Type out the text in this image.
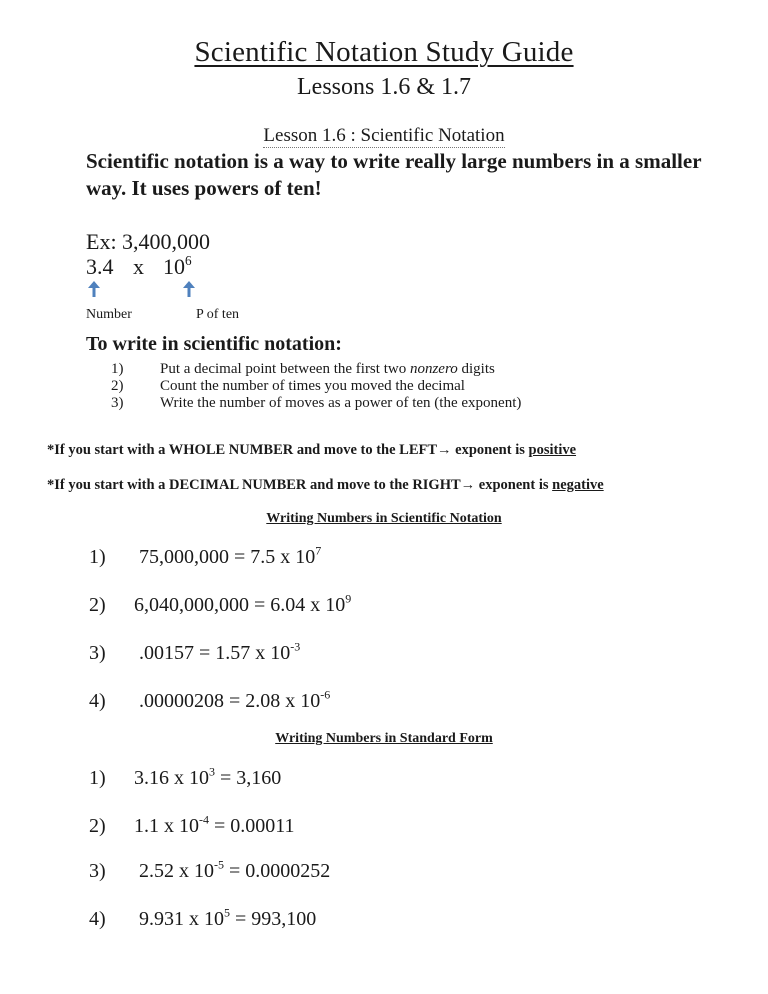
Scientific Notation Study Guide
Lessons 1.6 & 1.7
Lesson 1.6 : Scientific Notation
Scientific notation is a way to write really large numbers in a smaller way. It uses powers of ten!
Ex: 3,400,000
3.4 x $10^6$
Number	P of ten
To write in scientific notation:
1) Put a decimal point between the first two nonzero digits
2) Count the number of times you moved the decimal
3) Write the number of moves as a power of ten (the exponent)
*If you start with a WHOLE NUMBER and move to the LEFT→ exponent is positive
*If you start with a DECIMAL NUMBER and move to the RIGHT→ exponent is negative
Writing Numbers in Scientific Notation
1) 75,000,000 = 7.5 x $10^7$
2) 6,040,000,000 = 6.04 x $10^9$
3) .00157 = 1.57 x $10^{-3}$
4) .00000208 = 2.08 x $10^{-6}$
Writing Numbers in Standard Form
1) 3.16 x $10^3 = 3,160$
2) 1.1 x $10^{-4} = 0.00011$
3) 2.52 x $10^{-5} = 0.0000252$
4) 9.931 x $10^5 = 993,100$
